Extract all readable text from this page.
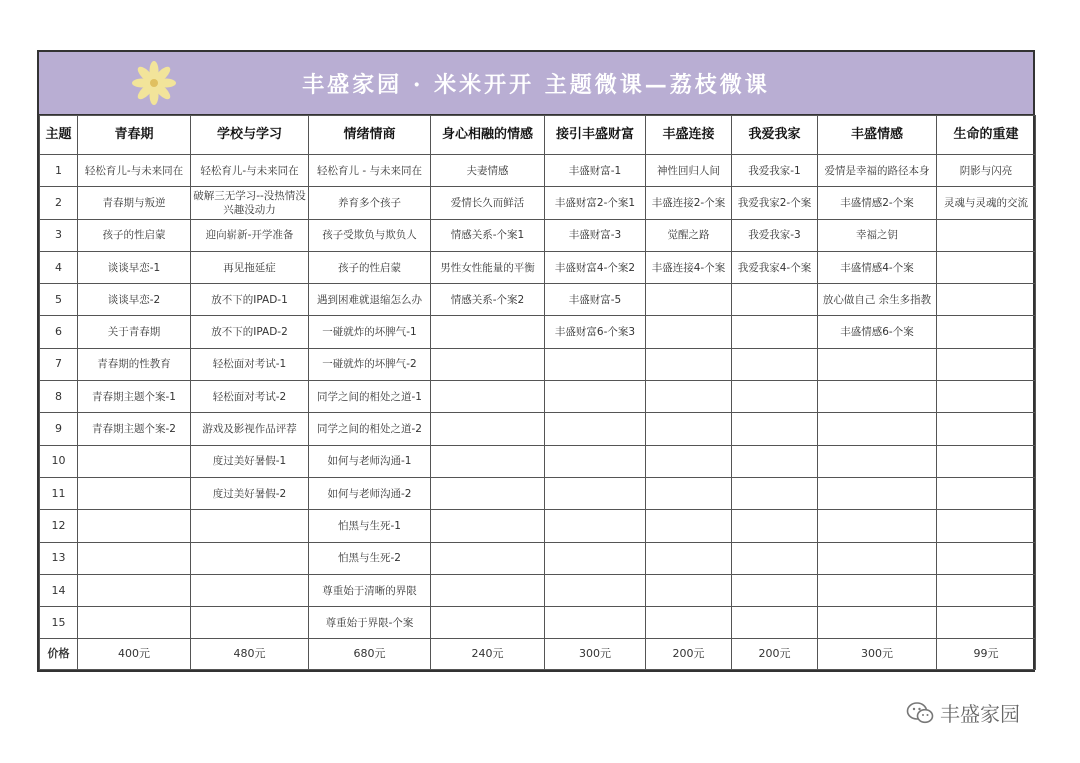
丰盛家园 · 米米开开 主题微课—荔枝微课
主题	青春期	学校与学习	情绪情商	身心相融的情感	接引丰盛财富	丰盛连接	我爱我家	丰盛情感	生命的重建
1	轻松育儿-与未来同在	轻松育儿-与未来同在	轻松育儿 - 与未来同在	夫妻情感	丰盛财富-1	神性回归人间	我爱我家-1	爱情是幸福的路径本身	阴影与闪亮
2	青春期与叛逆	破解三无学习--没热情没兴趣没动力	养育多个孩子	爱情长久而鲜活	丰盛财富2-个案1	丰盛连接2-个案	我爱我家2-个案	丰盛情感2-个案	灵魂与灵魂的交流
3	孩子的性启蒙	迎向崭新-开学准备	孩子受欺负与欺负人	情感关系-个案1	丰盛财富-3	觉醒之路	我爱我家-3	幸福之钥	
4	谈谈早恋-1	再见拖延症	孩子的性启蒙	男性女性能量的平衡	丰盛财富4-个案2	丰盛连接4-个案	我爱我家4-个案	丰盛情感4-个案	
5	谈谈早恋-2	放不下的IPAD-1	遇到困难就退缩怎么办	情感关系-个案2	丰盛财富-5			放心做自己 余生多指教	
6	关于青春期	放不下的IPAD-2	一碰就炸的坏脾气-1		丰盛财富6-个案3			丰盛情感6-个案	
7	青春期的性教育	轻松面对考试-1	一碰就炸的坏脾气-2						
8	青春期主题个案-1	轻松面对考试-2	同学之间的相处之道-1						
9	青春期主题个案-2	游戏及影视作品评荐	同学之间的相处之道-2						
10		度过美好暑假-1	如何与老师沟通-1						
11		度过美好暑假-2	如何与老师沟通-2						
12			怕黑与生死-1						
13			怕黑与生死-2						
14			尊重始于清晰的界限						
15			尊重始于界限-个案						
价格	400元	480元	680元	240元	300元	200元	200元	300元	99元
丰盛家园
